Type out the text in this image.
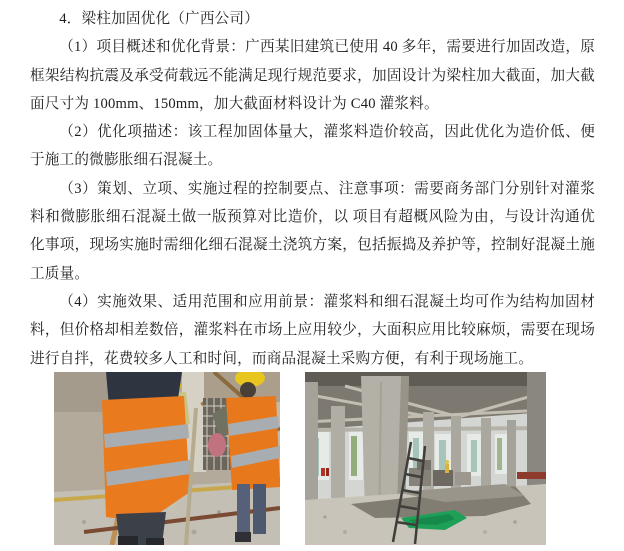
4．梁柱加固优化（广西公司）

（1）项目概述和优化背景：广西某旧建筑已使用 40 多年，需要进行加固改造，原框架结构抗震及承受荷载远不能满足现行规范要求，加固设计为梁柱加大截面，加大截面尺寸为 100mm、150mm，加大截面材料设计为 C40 灌浆料。

（2）优化项描述：该工程加固体量大，灌浆料造价较高，因此优化为造价低、便于施工的微膨胀细石混凝土。

（3）策划、立项、实施过程的控制要点、注意事项：需要商务部门分别针对灌浆料和微膨胀细石混凝土做一版预算对比造价，以 项目有超概风险为由，与设计沟通优化事项，现场实施时需细化细石混凝土浇筑方案，包括振捣及养护等，控制好混凝土施工质量。

（4）实施效果、适用范围和应用前景：灌浆料和细石混凝土均可作为结构加固材料，但价格却相差数倍，灌浆料在市场上应用较少，大面积应用比较麻烦，需要在现场进行自拌，花费较多人工和时间，而商品混凝土采购方便，有利于现场施工。
